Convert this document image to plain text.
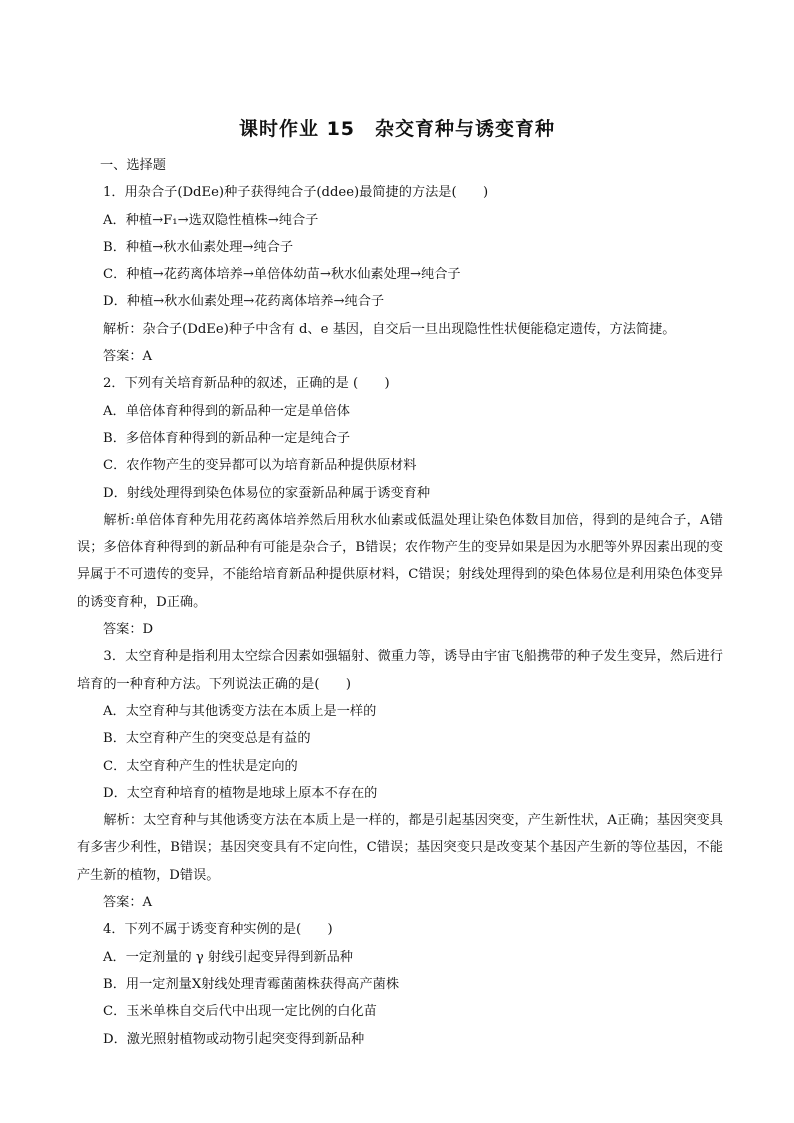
课时作业 15　杂交育种与诱变育种
一、选择题
1．用杂合子(DdEe)种子获得纯合子(ddee)最简捷的方法是(　　)
A．种植→F₁→选双隐性植株→纯合子
B．种植→秋水仙素处理→纯合子
C．种植→花药离体培养→单倍体幼苗→秋水仙素处理→纯合子
D．种植→秋水仙素处理→花药离体培养→纯合子
解析：杂合子(DdEe)种子中含有 d、e 基因，自交后一旦出现隐性性状便能稳定遗传，方法简捷。
答案：A
2．下列有关培育新品种的叙述，正确的是 (　　)
A．单倍体育种得到的新品种一定是单倍体
B．多倍体育种得到的新品种一定是纯合子
C．农作物产生的变异都可以为培育新品种提供原材料
D．射线处理得到染色体易位的家蚕新品种属于诱变育种
解析:单倍体育种先用花药离体培养然后用秋水仙素或低温处理让染色体数目加倍，得到的是纯合子，A错误；多倍体育种得到的新品种有可能是杂合子，B错误；农作物产生的变异如果是因为水肥等外界因素出现的变异属于不可遗传的变异，不能给培育新品种提供原材料，C错误；射线处理得到的染色体易位是利用染色体变异的诱变育种，D正确。
答案：D
3．太空育种是指利用太空综合因素如强辐射、微重力等，诱导由宇宙飞船携带的种子发生变异，然后进行培育的一种育种方法。下列说法正确的是(　　)
A．太空育种与其他诱变方法在本质上是一样的
B．太空育种产生的突变总是有益的
C．太空育种产生的性状是定向的
D．太空育种培育的植物是地球上原本不存在的
解析：太空育种与其他诱变方法在本质上是一样的，都是引起基因突变，产生新性状，A正确；基因突变具有多害少利性，B错误；基因突变具有不定向性，C错误；基因突变只是改变某个基因产生新的等位基因，不能产生新的植物，D错误。
答案：A
4．下列不属于诱变育种实例的是(　　)
A．一定剂量的 γ 射线引起变异得到新品种
B．用一定剂量X射线处理青霉菌菌株获得高产菌株
C．玉米单株自交后代中出现一定比例的白化苗
D．激光照射植物或动物引起突变得到新品种
